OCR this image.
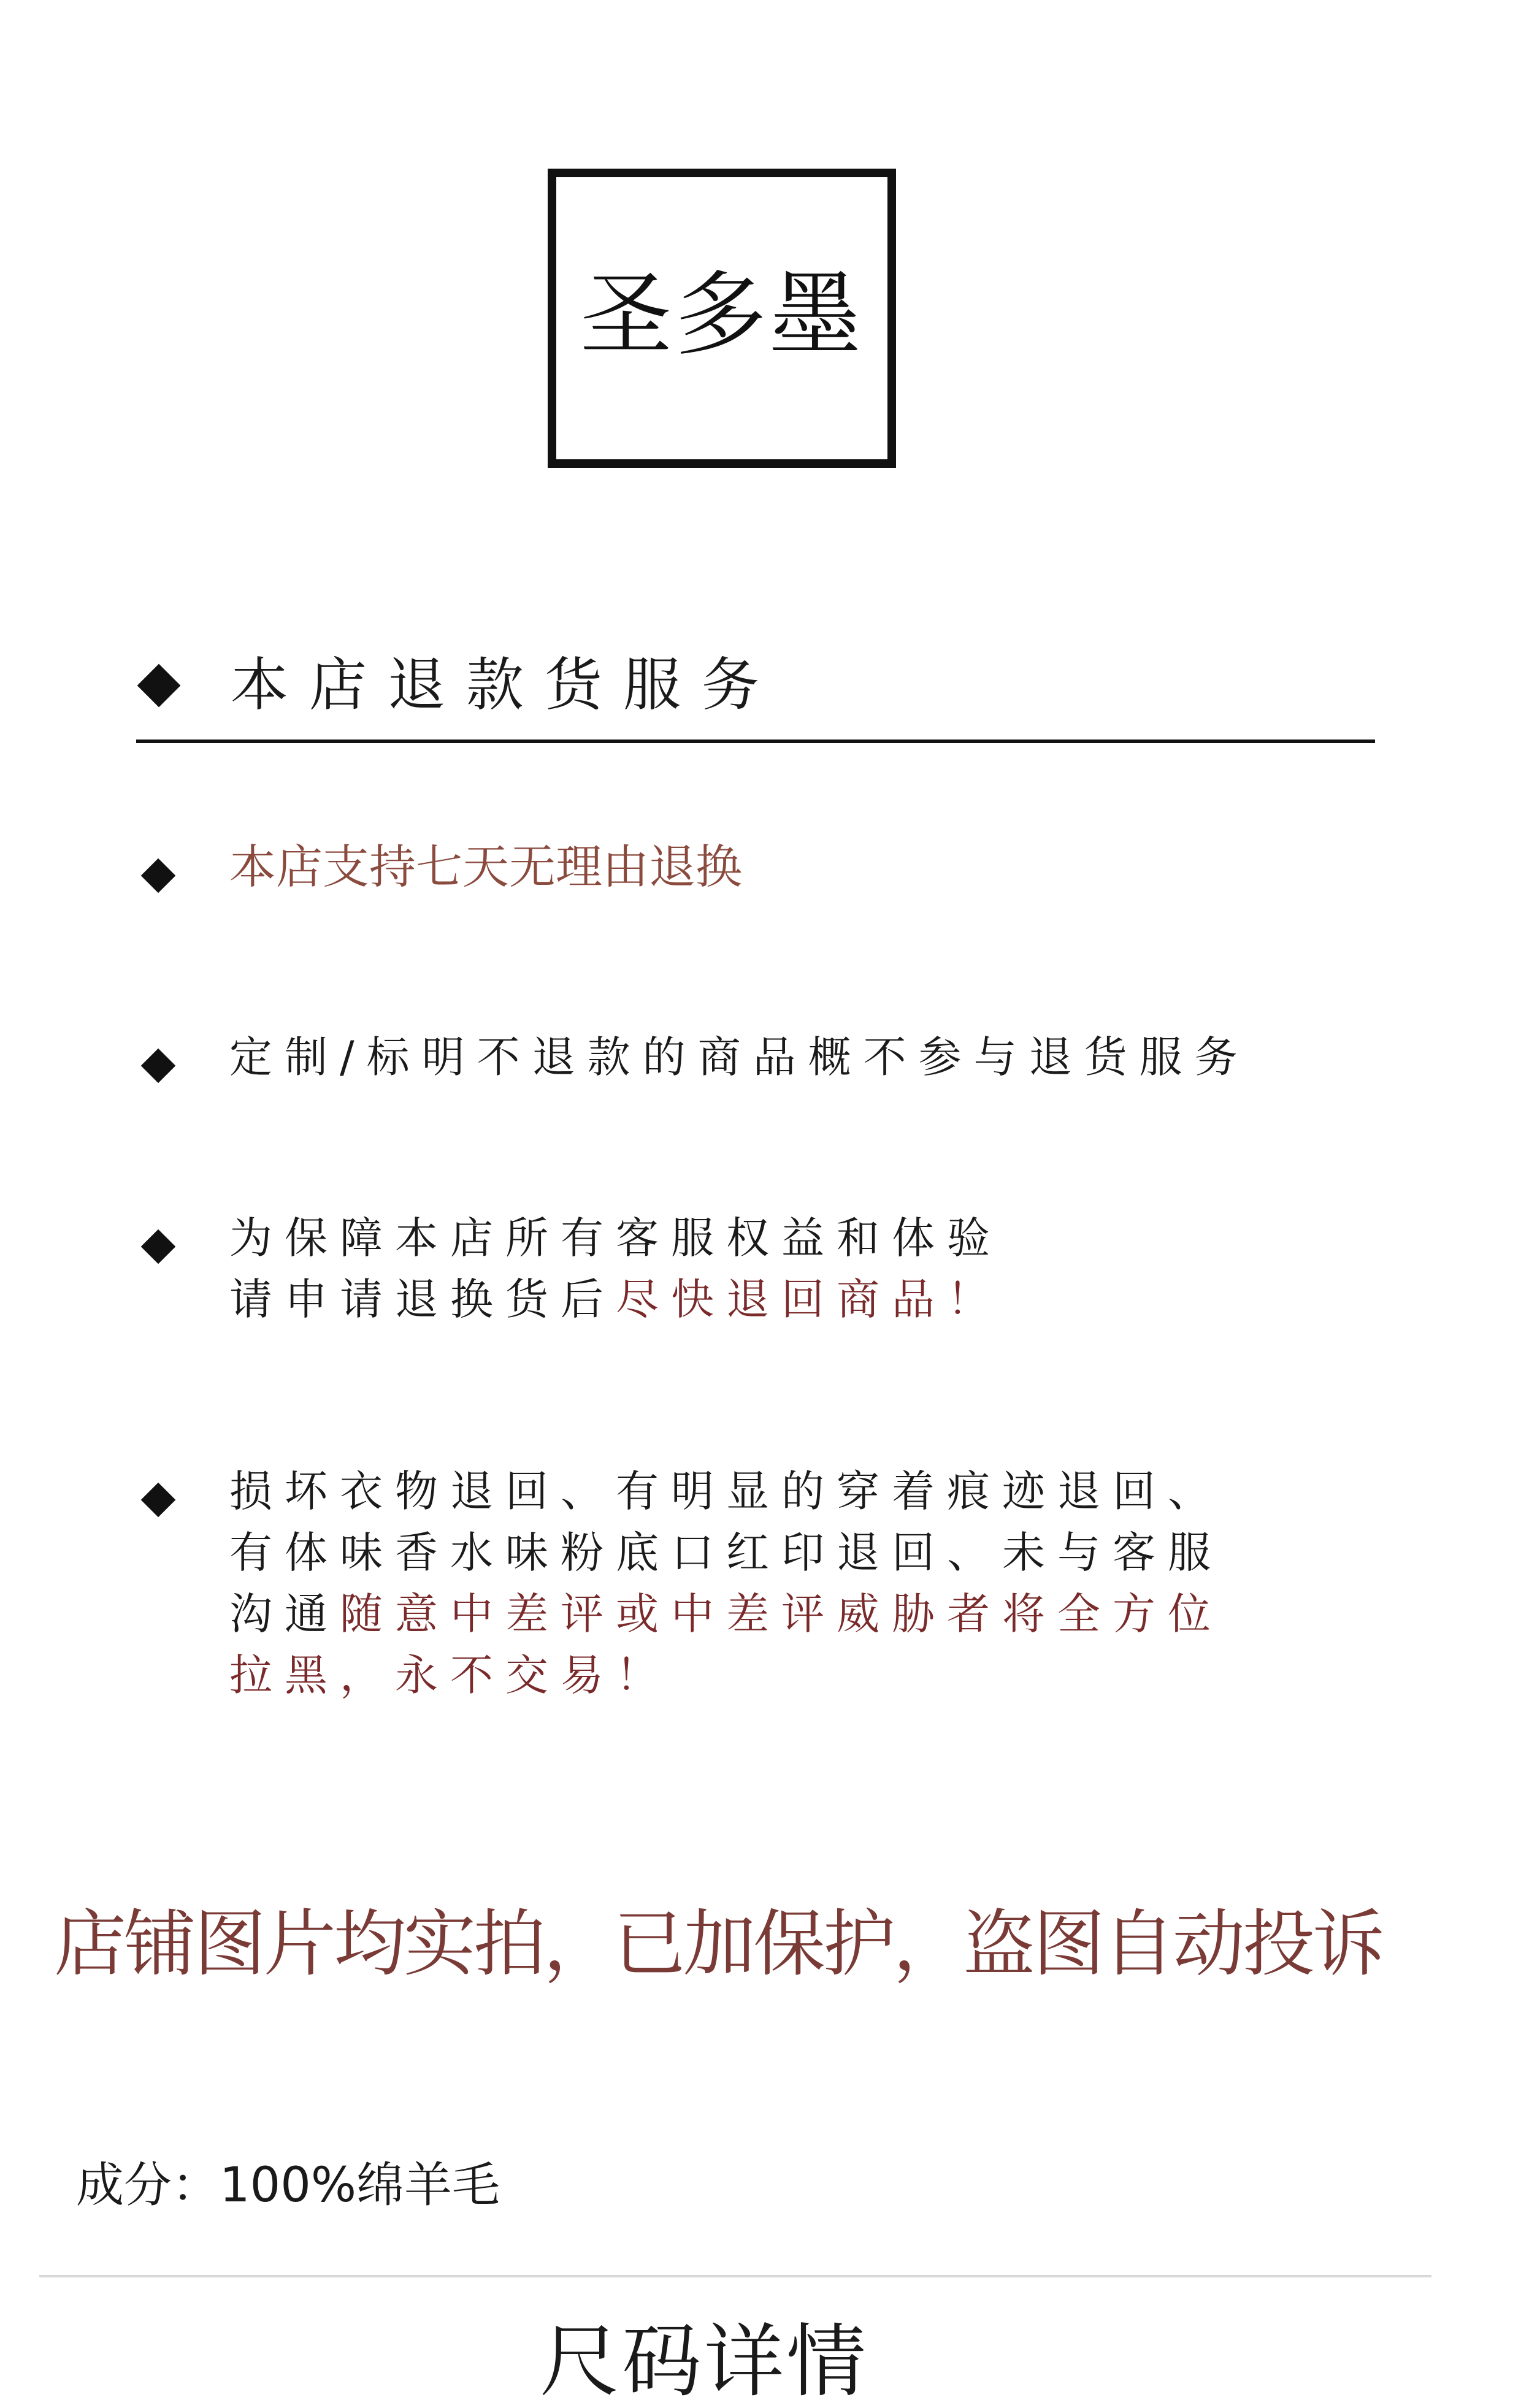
圣多墨
本店退款货服务
本店支持七天无理由退换
定制/标明不退款的商品概不参与退货服务
为保障本店所有客服权益和体验
请申请退换货后尽快退回商品！
损坏衣物退回、有明显的穿着痕迹退回、
有体味香水味粉底口红印退回、未与客服
沟通随意中差评或中差评威胁者将全方位
拉黑，永不交易！
店铺图片均实拍，已加保护，盗图自动投诉
成分：100%绵羊毛
尺码详情
